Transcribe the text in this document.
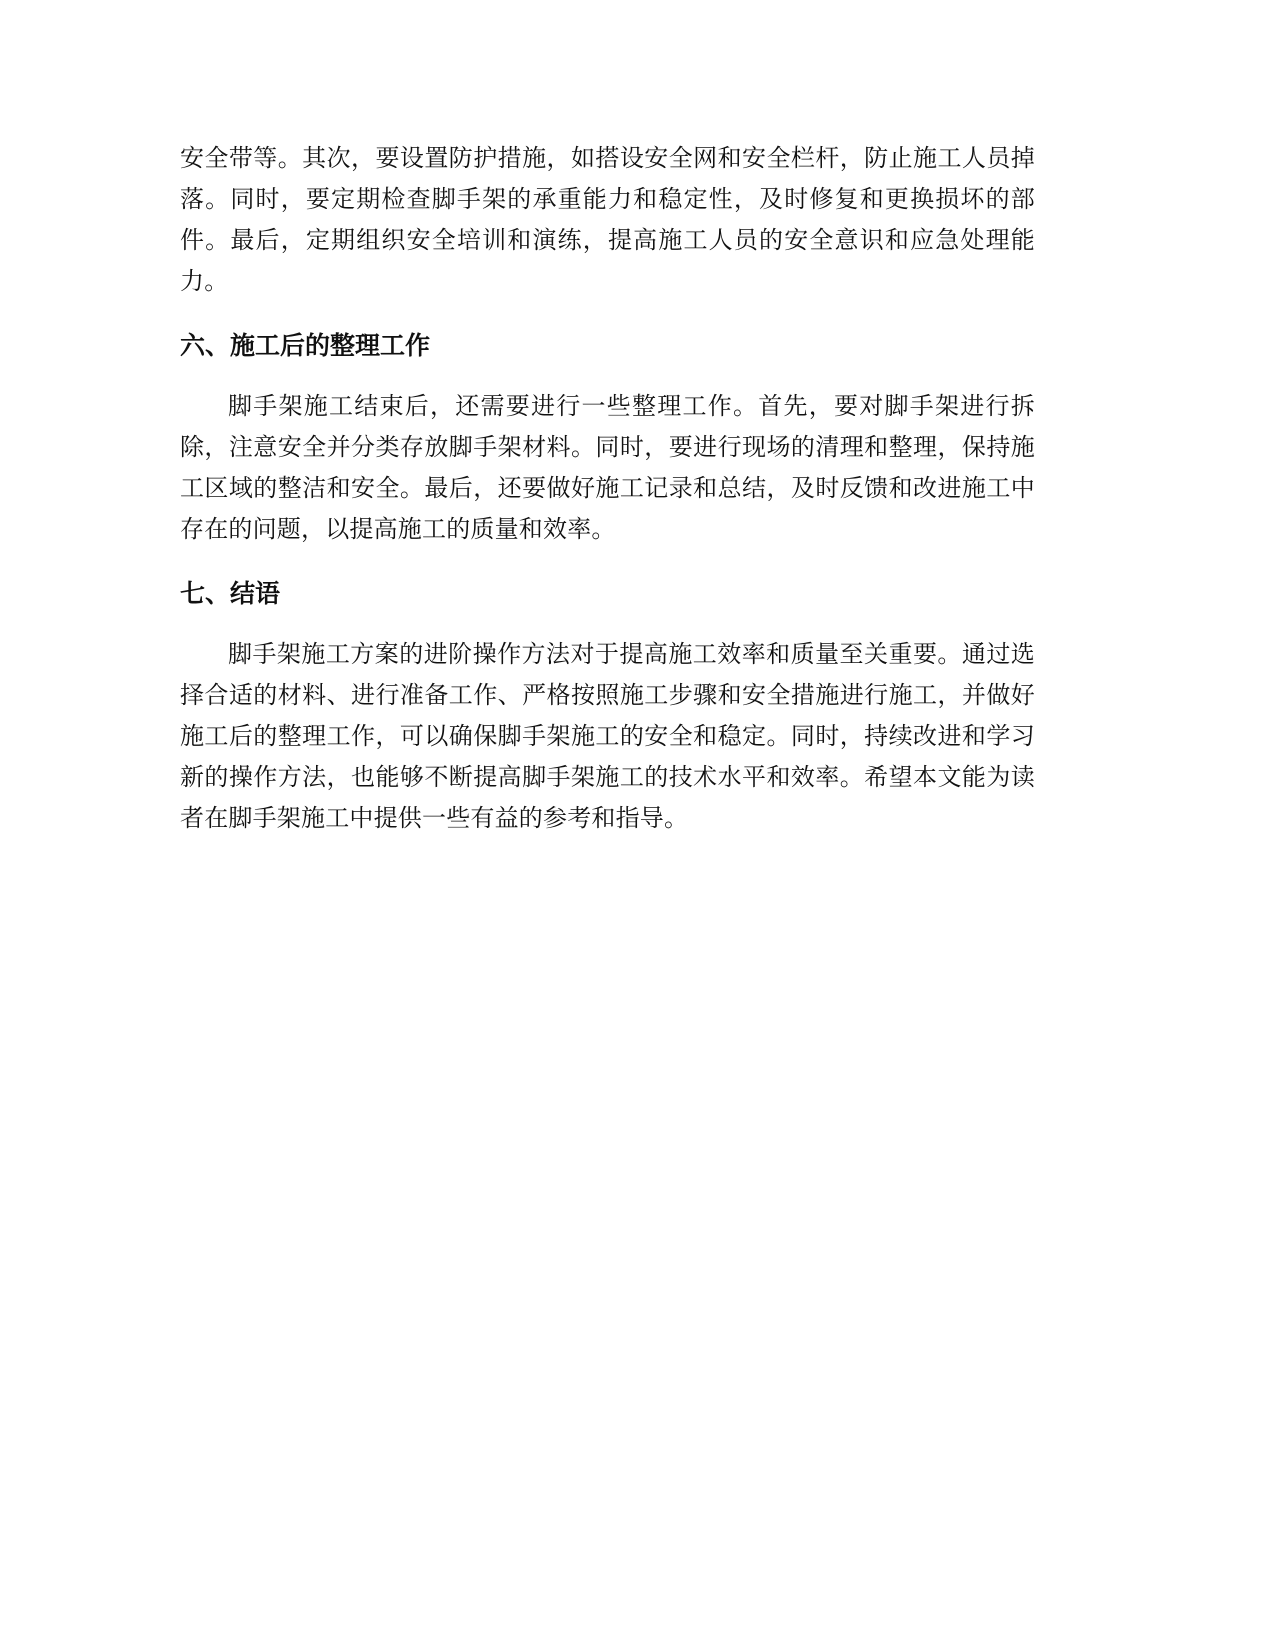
安全带等。其次，要设置防护措施，如搭设安全网和安全栏杆，防止施工人员掉落。同时，要定期检查脚手架的承重能力和稳定性，及时修复和更换损坏的部件。最后，定期组织安全培训和演练，提高施工人员的安全意识和应急处理能力。

六、施工后的整理工作

脚手架施工结束后，还需要进行一些整理工作。首先，要对脚手架进行拆除，注意安全并分类存放脚手架材料。同时，要进行现场的清理和整理，保持施工区域的整洁和安全。最后，还要做好施工记录和总结，及时反馈和改进施工中存在的问题，以提高施工的质量和效率。

七、结语

脚手架施工方案的进阶操作方法对于提高施工效率和质量至关重要。通过选择合适的材料、进行准备工作、严格按照施工步骤和安全措施进行施工，并做好施工后的整理工作，可以确保脚手架施工的安全和稳定。同时，持续改进和学习新的操作方法，也能够不断提高脚手架施工的技术水平和效率。希望本文能为读者在脚手架施工中提供一些有益的参考和指导。
